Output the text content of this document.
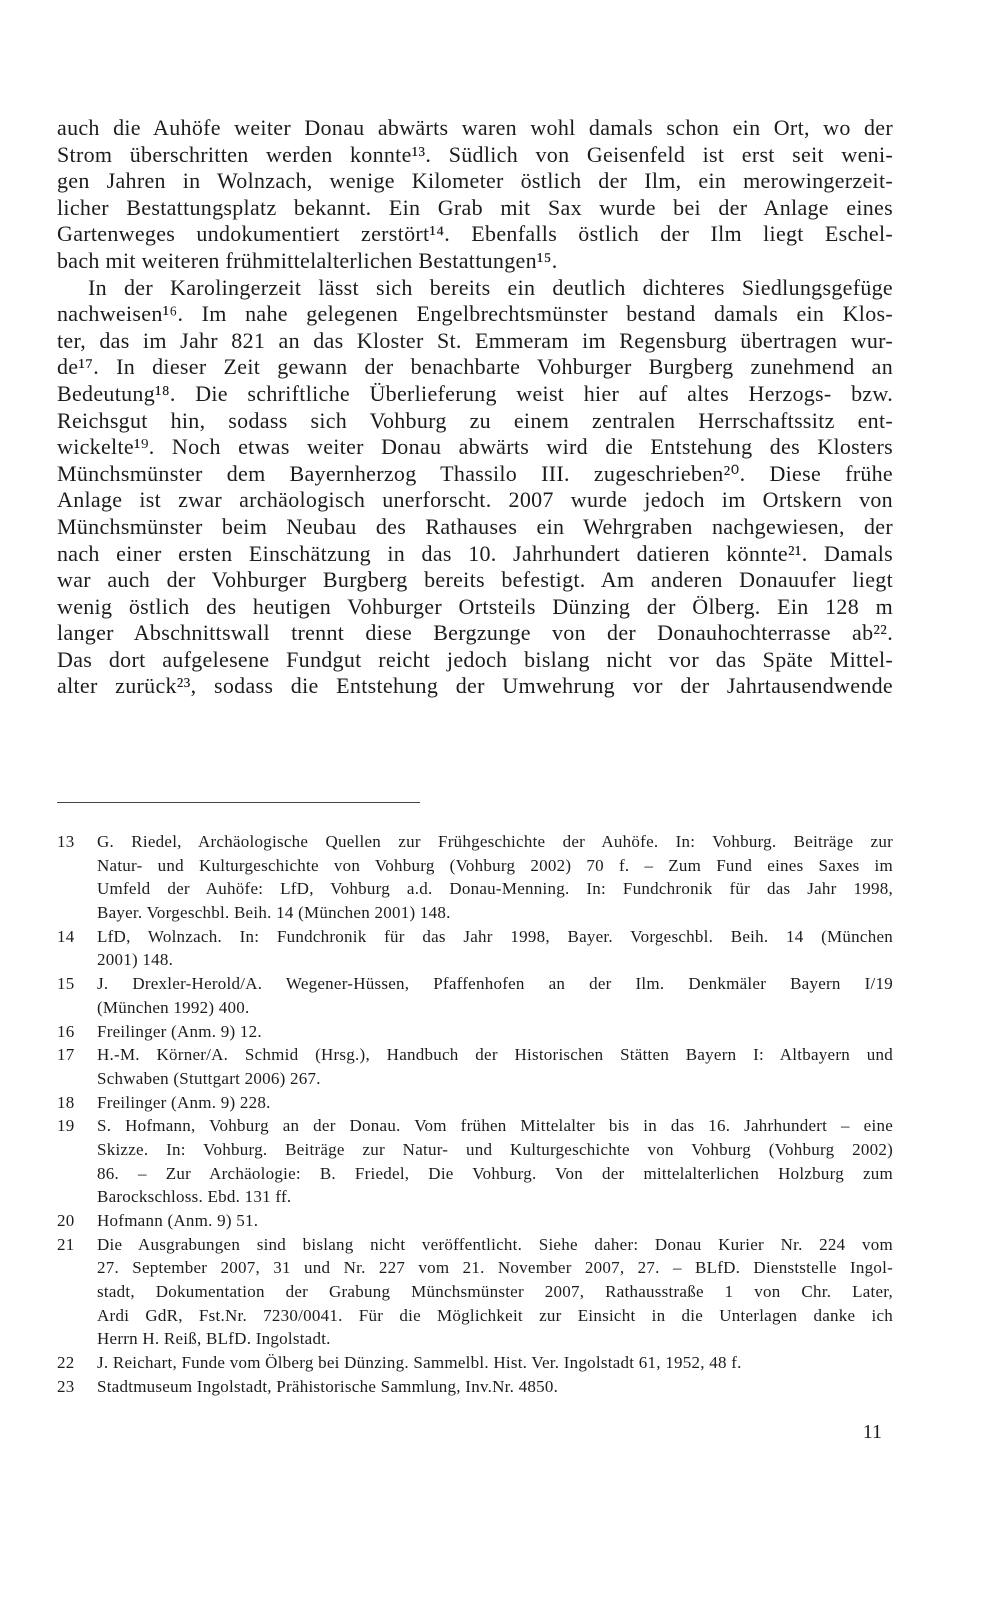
auch die Auhöfe weiter Donau abwärts waren wohl damals schon ein Ort, wo der
Strom überschritten werden konnte¹³. Südlich von Geisenfeld ist erst seit weni-
gen Jahren in Wolnzach, wenige Kilometer östlich der Ilm, ein merowingerzeit-
licher Bestattungsplatz bekannt. Ein Grab mit Sax wurde bei der Anlage eines
Gartenweges undokumentiert zerstört¹⁴. Ebenfalls östlich der Ilm liegt Eschel-
bach mit weiteren frühmittelalterlichen Bestattungen¹⁵.
In der Karolingerzeit lässt sich bereits ein deutlich dichteres Siedlungsgefüge
nachweisen¹⁶. Im nahe gelegenen Engelbrechtsmünster bestand damals ein Klos-
ter, das im Jahr 821 an das Kloster St. Emmeram im Regensburg übertragen wur-
de¹⁷. In dieser Zeit gewann der benachbarte Vohburger Burgberg zunehmend an
Bedeutung¹⁸. Die schriftliche Überlieferung weist hier auf altes Herzogs- bzw.
Reichsgut hin, sodass sich Vohburg zu einem zentralen Herrschaftssitz ent-
wickelte¹⁹. Noch etwas weiter Donau abwärts wird die Entstehung des Klosters
Münchsmünster dem Bayernherzog Thassilo III. zugeschrieben²⁰. Diese frühe
Anlage ist zwar archäologisch unerforscht. 2007 wurde jedoch im Ortskern von
Münchsmünster beim Neubau des Rathauses ein Wehrgraben nachgewiesen, der
nach einer ersten Einschätzung in das 10. Jahrhundert datieren könnte²¹. Damals
war auch der Vohburger Burgberg bereits befestigt. Am anderen Donauufer liegt
wenig östlich des heutigen Vohburger Ortsteils Dünzing der Ölberg. Ein 128 m
langer Abschnittswall trennt diese Bergzunge von der Donauhochterrasse ab²².
Das dort aufgelesene Fundgut reicht jedoch bislang nicht vor das Späte Mittel-
alter zurück²³, sodass die Entstehung der Umwehrung vor der Jahrtausendwende
13	G. Riedel, Archäologische Quellen zur Frühgeschichte der Auhöfe. In: Vohburg. Beiträge zur
Natur- und Kulturgeschichte von Vohburg (Vohburg 2002) 70 f. – Zum Fund eines Saxes im
Umfeld der Auhöfe: LfD, Vohburg a.d. Donau-Menning. In: Fundchronik für das Jahr 1998,
Bayer. Vorgeschbl. Beih. 14 (München 2001) 148.
14	LfD, Wolnzach. In: Fundchronik für das Jahr 1998, Bayer. Vorgeschbl. Beih. 14 (München
2001) 148.
15	J. Drexler-Herold/A. Wegener-Hüssen, Pfaffenhofen an der Ilm. Denkmäler Bayern I/19
(München 1992) 400.
16	Freilinger (Anm. 9) 12.
17	H.-M. Körner/A. Schmid (Hrsg.), Handbuch der Historischen Stätten Bayern I: Altbayern und
Schwaben (Stuttgart 2006) 267.
18	Freilinger (Anm. 9) 228.
19	S. Hofmann, Vohburg an der Donau. Vom frühen Mittelalter bis in das 16. Jahrhundert – eine
Skizze. In: Vohburg. Beiträge zur Natur- und Kulturgeschichte von Vohburg (Vohburg 2002)
86. – Zur Archäologie: B. Friedel, Die Vohburg. Von der mittelalterlichen Holzburg zum
Barockschloss. Ebd. 131 ff.
20	Hofmann (Anm. 9) 51.
21	Die Ausgrabungen sind bislang nicht veröffentlicht. Siehe daher: Donau Kurier Nr. 224 vom
27. September 2007, 31 und Nr. 227 vom 21. November 2007, 27. – BLfD. Dienststelle Ingol-
stadt, Dokumentation der Grabung Münchsmünster 2007, Rathausstraße 1 von Chr. Later,
Ardi GdR, Fst.Nr. 7230/0041. Für die Möglichkeit zur Einsicht in die Unterlagen danke ich
Herrn H. Reiß, BLfD. Ingolstadt.
22	J. Reichart, Funde vom Ölberg bei Dünzing. Sammelbl. Hist. Ver. Ingolstadt 61, 1952, 48 f.
23	Stadtmuseum Ingolstadt, Prähistorische Sammlung, Inv.Nr. 4850.
11
